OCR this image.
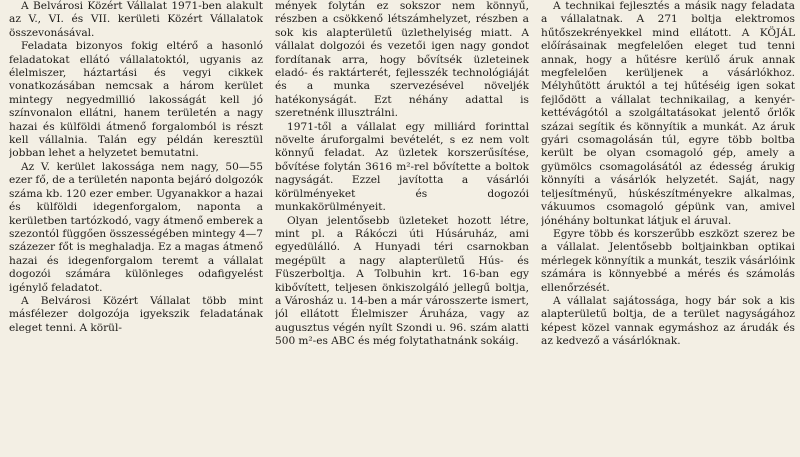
A Belvárosi Közért Vállalat 1971-ben alakult az V., VI. és VII. kerületi Közért Vállalatok összevonásával.

Feladata bizonyos fokig eltérő a hasonló feladatokat ellátó vállalatoktól, ugyanis az élelmiszer, háztartási és vegyi cikkek vonatkozásában nemcsak a három kerület mintegy negyedmillió lakosságát kell jó színvonalon ellátni, hanem területén a nagy hazai és külföldi átmenő forgalomból is részt kell vállalnia. Talán egy példán keresztül jobban lehet a helyzetet bemutatni.

Az V. kerület lakossága nem nagy, 50—55 ezer fő, de a területén naponta bejáró dolgozók száma kb. 120 ezer ember. Ugyanakkor a hazai és külföldi idegenforgalom, naponta a kerületben tartózkodó, vagy átmenő emberek a szezontól függően összességében mintegy 4—7 százezer főt is meghaladja. Ez a magas átmenő hazai és idegenforgalom teremt a vállalat dogozói számára különleges odafigyelést igénylő feladatot.

A Belvárosi Közért Vállalat több mint másfélezer dolgozója igyekszik feladatának eleget tenni. A körül-

mények folytán ez sokszor nem könnyű, részben a csökkenő létszámhelyzet, részben a sok kis alapterületű üzlethelyiség miatt. A vállalat dolgozói és vezetői igen nagy gondot fordítanak arra, hogy bővítsék üzleteinek eladó- és raktárterét, fejlesszék technológiáját és a munka szervezésével növeljék hatékonyságát. Ezt néhány adattal is szeretnénk illusztrálni.

1971-től a vállalat egy milliárd forinttal növelte áruforgalmi bevételét, s ez nem volt könnyű feladat. Az üzletek korszerűsítése, bővítése folytán 3616 m²-rel bővítette a boltok nagyságát. Ezzel javította a vásárlói körülményeket és dogozói munkakörülményeit.

Olyan jelentősebb üzleteket hozott létre, mint pl. a Rákóczi úti Húsáruház, ami egyedülálló. A Hunyadi téri csarnokban megépült a nagy alapterületű Hús- és Füszerboltja. A Tolbuhin krt. 16-ban egy kibővített, teljesen önkiszolgáló jellegű boltja, a Városház u. 14-ben a már városszerte ismert, jól ellátott Élelmiszer Áruháza, vagy az augusztus végén nyílt Szondi u. 96. szám alatti 500 m²-es ABC és még folytathatnánk sokáig.

A technikai fejlesztés a másik nagy feladata a vállalatnak. A 271 boltja elektromos hűtőszekrényekkel mind ellátott. A KÖJÁL előírásainak megfelelően eleget tud tenni annak, hogy a hűtésre kerülő áruk annak megfelelően kerüljenek a vásárlókhoz. Mélyhűtött áruktól a tej hűtéséig igen sokat fejlődött a vállalat technikailag, a kenyér-kettévágótól a szolgáltatásokat jelentő őrlők százai segítik és könnyítik a munkát. Az áruk gyári csomagolásán túl, egyre több boltba került be olyan csomagoló gép, amely a gyümölcs csomagolásától az édesség árukig könnyíti a vásárlók helyzetét. Saját, nagy teljesítményű, húskészítményekre alkalmas, vákuumos csomagoló gépünk van, amivel jónéhány boltunkat látjuk el áruval.

Egyre több és korszerűbb eszközt szerez be a vállalat. Jelentősebb boltjainkban optikai mérlegek könnyítik a munkát, teszik vásárlóink számára is könnyebbé a mérés és számolás ellenőrzését.

A vállalat sajátossága, hogy bár sok a kis alapterületű boltja, de a terület nagyságához képest közel vannak egymáshoz az árudák és az kedvező a vásárlóknak.
